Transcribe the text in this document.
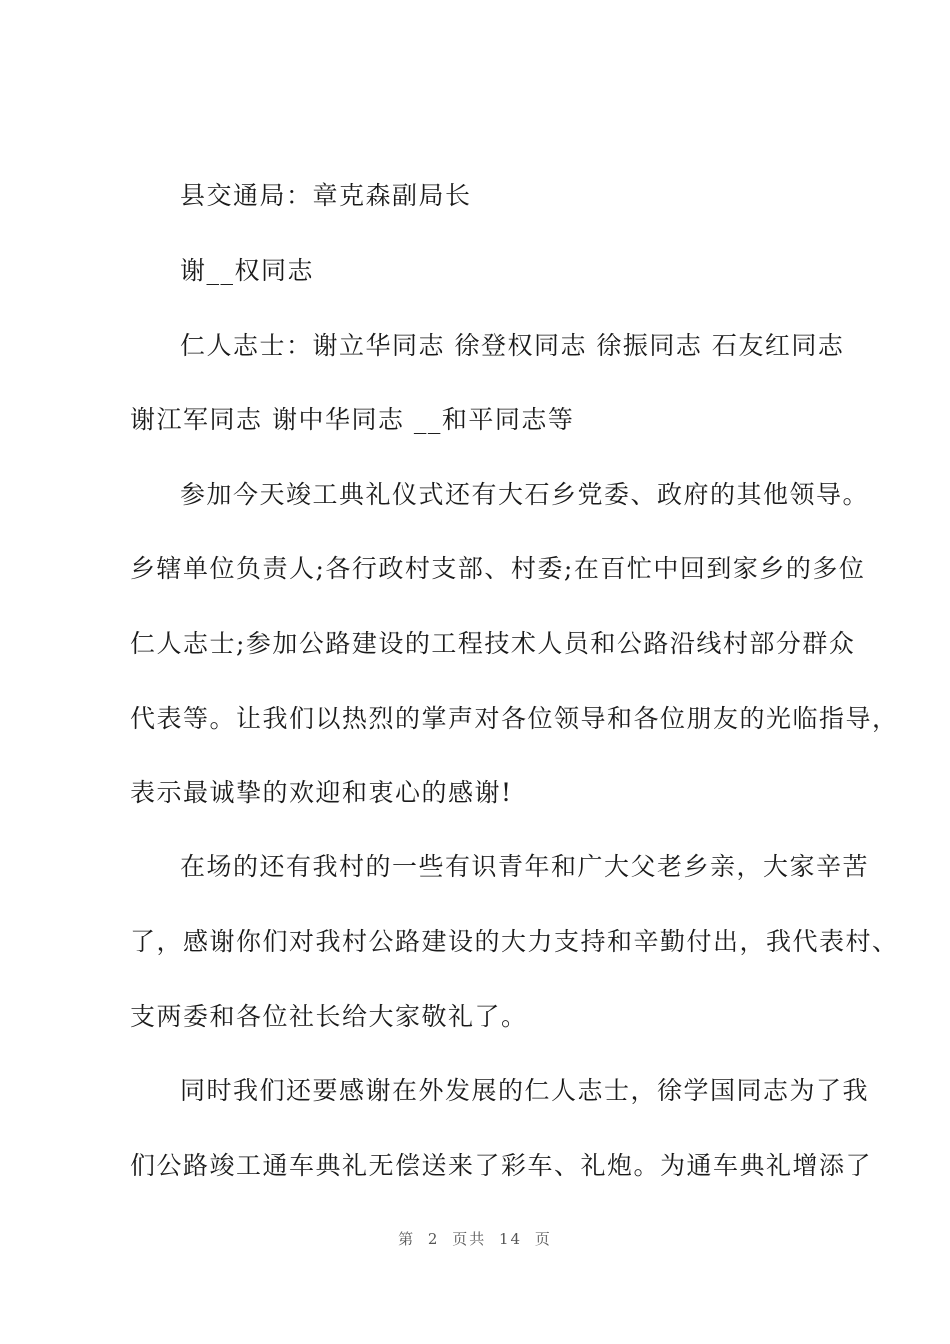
县交通局：章克森副局长
谢__权同志
仁人志士：谢立华同志 徐登权同志 徐振同志 石友红同志
谢江军同志 谢中华同志 __和平同志等
参加今天竣工典礼仪式还有大石乡党委、政府的其他领导。
乡辖单位负责人;各行政村支部、村委;在百忙中回到家乡的多位
仁人志士;参加公路建设的工程技术人员和公路沿线村部分群众
代表等。让我们以热烈的掌声对各位领导和各位朋友的光临指导，
表示最诚挚的欢迎和衷心的感谢!
在场的还有我村的一些有识青年和广大父老乡亲，大家辛苦
了，感谢你们对我村公路建设的大力支持和辛勤付出，我代表村、
支两委和各位社长给大家敬礼了。
同时我们还要感谢在外发展的仁人志士，徐学国同志为了我
们公路竣工通车典礼无偿送来了彩车、礼炮。为通车典礼增添了
第 2 页共 14 页
